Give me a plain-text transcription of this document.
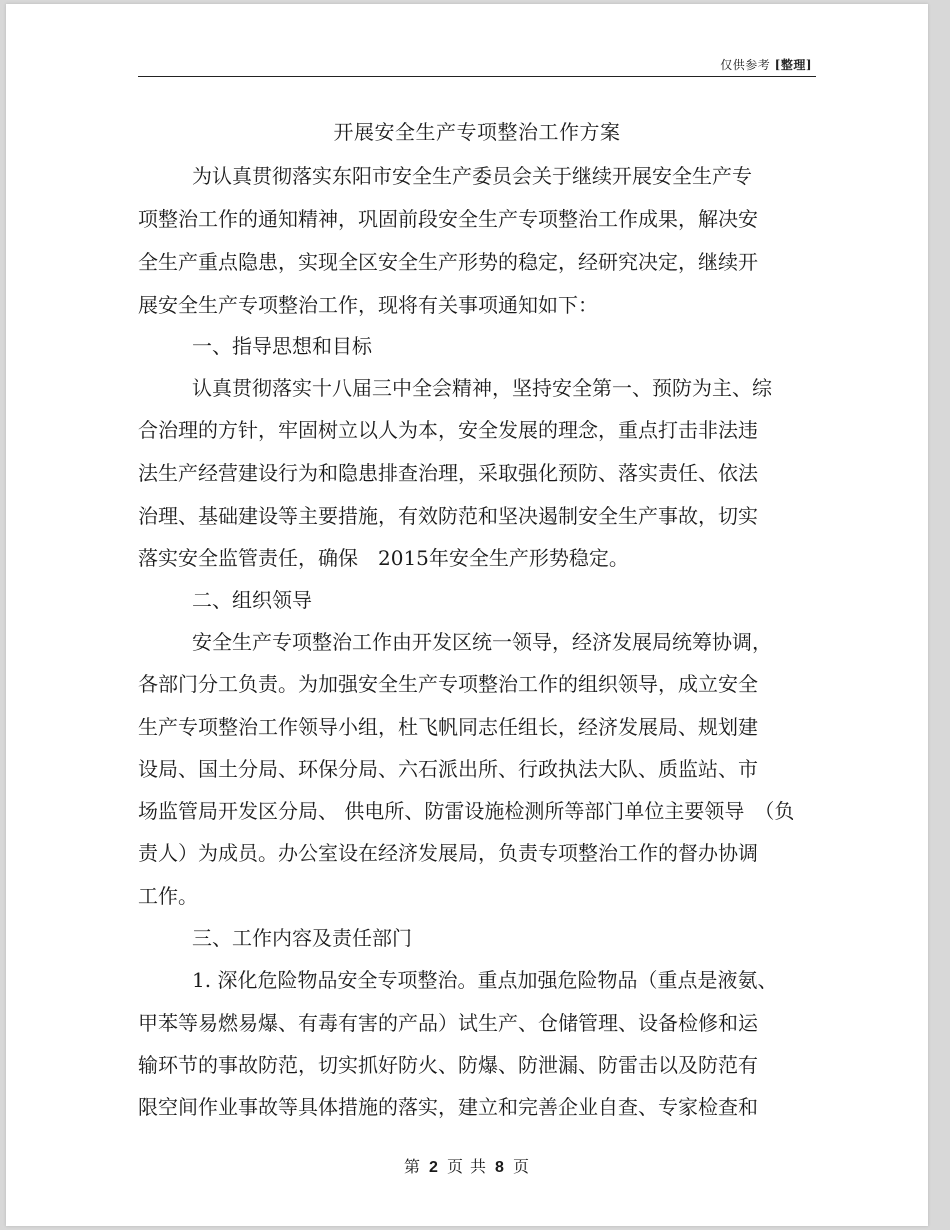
仅供参考 [整理]
开展安全生产专项整治工作方案
为认真贯彻落实东阳市安全生产委员会关于继续开展安全生产专
项整治工作的通知精神，巩固前段安全生产专项整治工作成果，解决安
全生产重点隐患，实现全区安全生产形势的稳定，经研究决定，继续开
展安全生产专项整治工作，现将有关事项通知如下：
一、指导思想和目标
认真贯彻落实十八届三中全会精神，坚持安全第一、预防为主、综
合治理的方针，牢固树立以人为本，安全发展的理念，重点打击非法违
法生产经营建设行为和隐患排查治理，采取强化预防、落实责任、依法
治理、基础建设等主要措施，有效防范和坚决遏制安全生产事故，切实
落实安全监管责任，确保　2015年安全生产形势稳定。
二、组织领导
安全生产专项整治工作由开发区统一领导，经济发展局统筹协调，
各部门分工负责。为加强安全生产专项整治工作的组织领导，成立安全
生产专项整治工作领导小组，杜飞帆同志任组长，经济发展局、规划建
设局、国土分局、环保分局、六石派出所、行政执法大队、质监站、市
场监管局开发区分局、 供电所、防雷设施检测所等部门单位主要领导　（负
责人）为成员。办公室设在经济发展局，负责专项整治工作的督办协调
工作。
三、工作内容及责任部门
1. 深化危险物品安全专项整治。重点加强危险物品（重点是液氨、
甲苯等易燃易爆、有毒有害的产品）试生产、仓储管理、设备检修和运
输环节的事故防范，切实抓好防火、防爆、防泄漏、防雷击以及防范有
限空间作业事故等具体措施的落实，建立和完善企业自查、专家检查和
第 2 页 共 8 页
